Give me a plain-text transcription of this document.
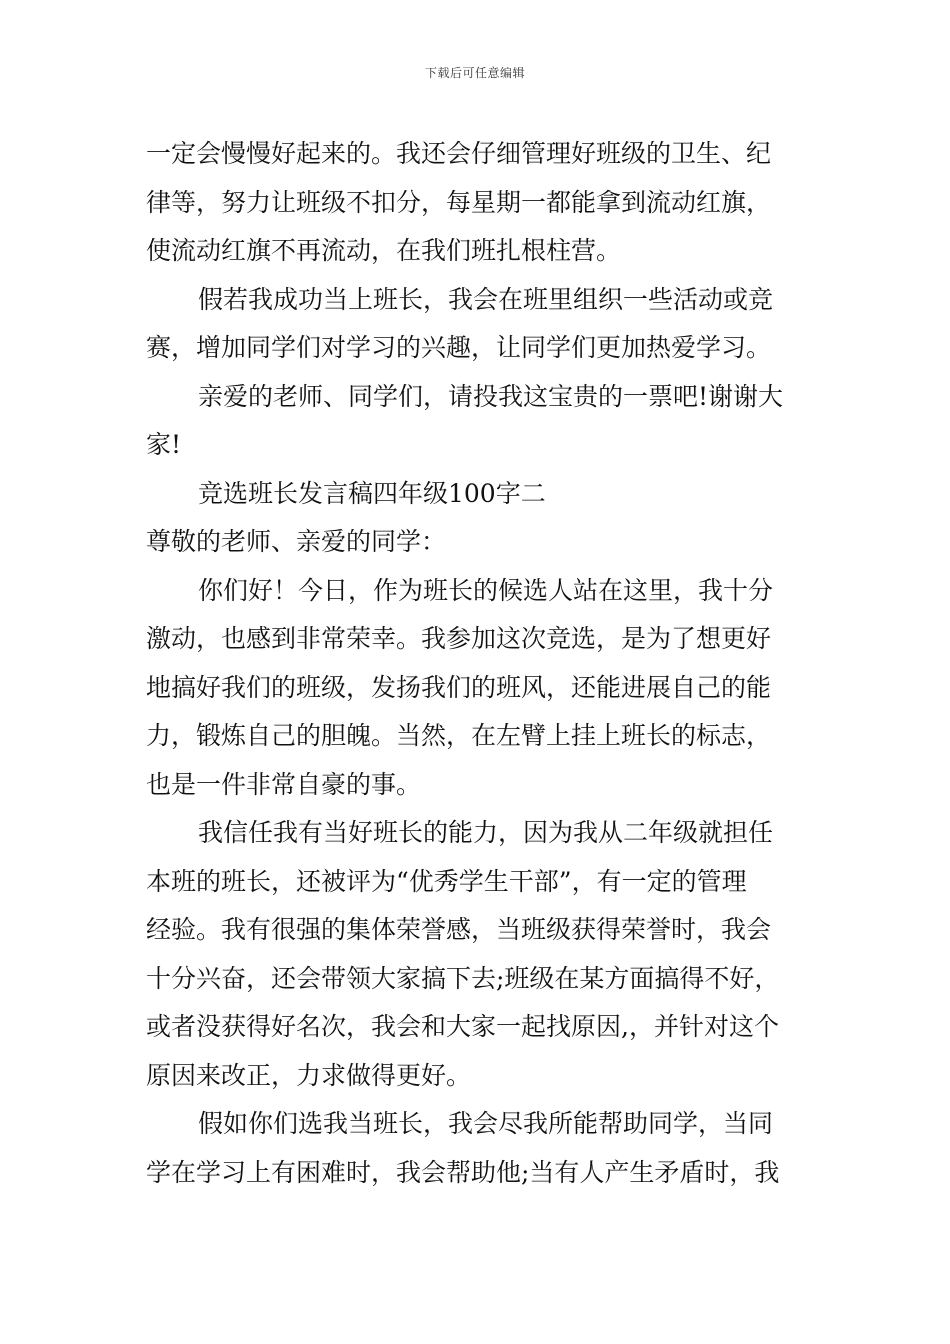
下载后可任意编辑
一定会慢慢好起来的。我还会仔细管理好班级的卫生、纪
律等，努力让班级不扣分，每星期一都能拿到流动红旗，
使流动红旗不再流动，在我们班扎根柱营。
假若我成功当上班长，我会在班里组织一些活动或竞
赛，增加同学们对学习的兴趣，让同学们更加热爱学习。
亲爱的老师、同学们，请投我这宝贵的一票吧!谢谢大
家!
竞选班长发言稿四年级100字二
尊敬的老师、亲爱的同学：
你们好！今日，作为班长的候选人站在这里，我十分
激动，也感到非常荣幸。我参加这次竞选，是为了想更好
地搞好我们的班级，发扬我们的班风，还能进展自己的能
力，锻炼自己的胆魄。当然，在左臂上挂上班长的标志，
也是一件非常自豪的事。
我信任我有当好班长的能力，因为我从二年级就担任
本班的班长，还被评为“优秀学生干部”，有一定的管理
经验。我有很强的集体荣誉感，当班级获得荣誉时，我会
十分兴奋，还会带领大家搞下去;班级在某方面搞得不好，
或者没获得好名次，我会和大家一起找原因,，并针对这个
原因来改正，力求做得更好。
假如你们选我当班长，我会尽我所能帮助同学，当同
学在学习上有困难时，我会帮助他;当有人产生矛盾时，我
